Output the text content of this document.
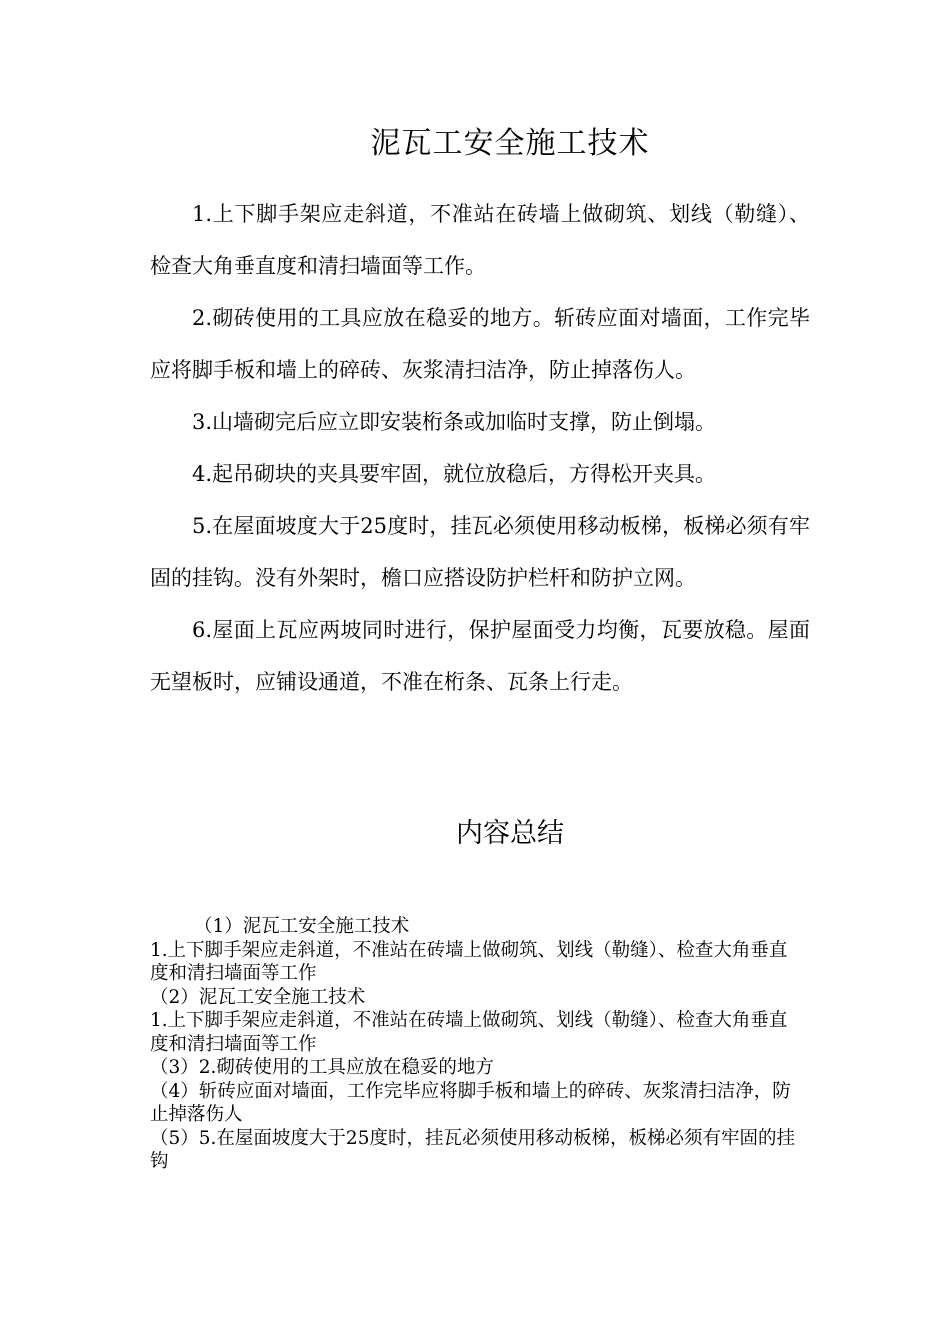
泥瓦工安全施工技术

1.上下脚手架应走斜道，不准站在砖墙上做砌筑、划线（勒缝）、检查大角垂直度和清扫墙面等工作。

2.砌砖使用的工具应放在稳妥的地方。斩砖应面对墙面，工作完毕应将脚手板和墙上的碎砖、灰浆清扫洁净，防止掉落伤人。

3.山墙砌完后应立即安装桁条或加临时支撑，防止倒塌。

4.起吊砌块的夹具要牢固，就位放稳后，方得松开夹具。

5.在屋面坡度大于25度时，挂瓦必须使用移动板梯，板梯必须有牢固的挂钩。没有外架时，檐口应搭设防护栏杆和防护立网。

6.屋面上瓦应两坡同时进行，保护屋面受力均衡，瓦要放稳。屋面无望板时，应铺设通道，不准在桁条、瓦条上行走。

内容总结

（1）泥瓦工安全施工技术

1.上下脚手架应走斜道，不准站在砖墙上做砌筑、划线（勒缝）、检查大角垂直度和清扫墙面等工作

（2）泥瓦工安全施工技术

1.上下脚手架应走斜道，不准站在砖墙上做砌筑、划线（勒缝）、检查大角垂直度和清扫墙面等工作

（3）2.砌砖使用的工具应放在稳妥的地方

（4）斩砖应面对墙面，工作完毕应将脚手板和墙上的碎砖、灰浆清扫洁净，防止掉落伤人

（5）5.在屋面坡度大于25度时，挂瓦必须使用移动板梯，板梯必须有牢固的挂钩
